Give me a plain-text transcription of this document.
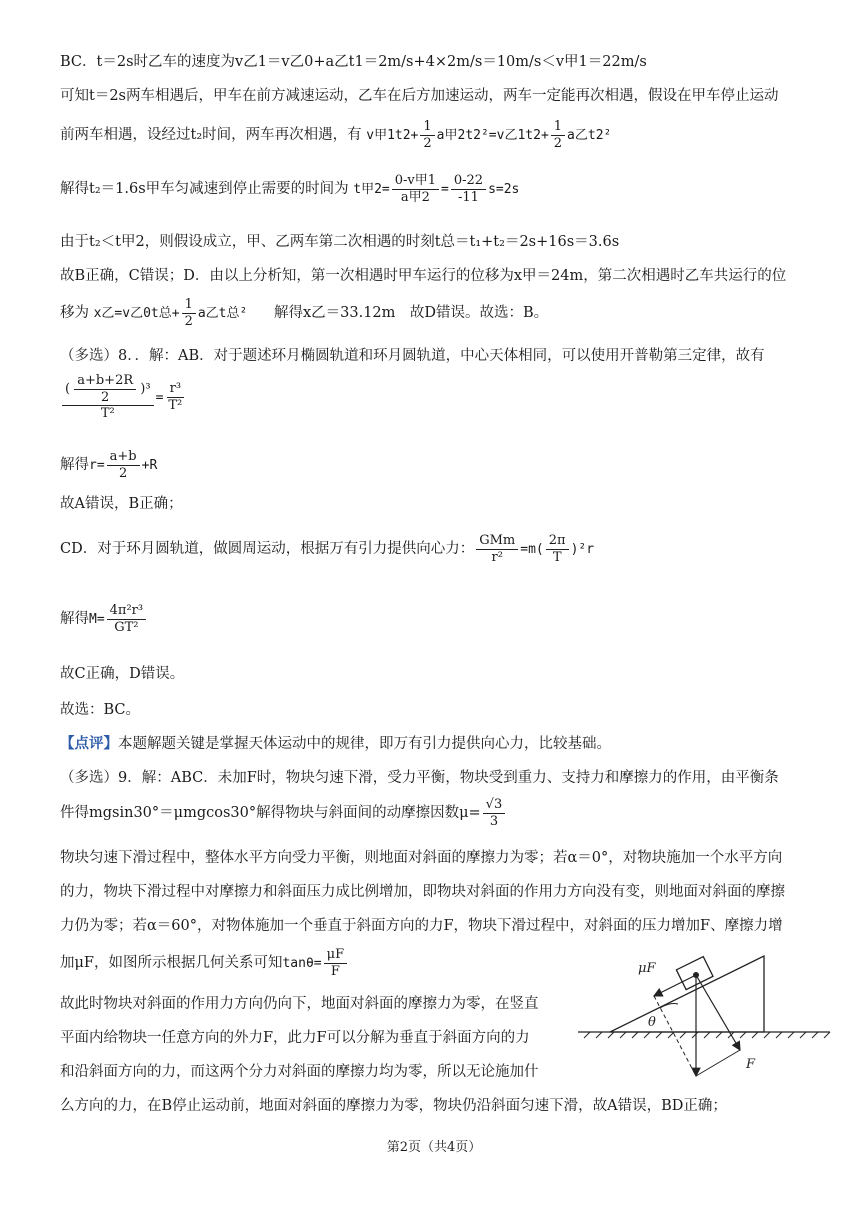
BC．t＝2s时乙车的速度为v乙1＝v乙0+a乙t1＝2m/s+4×2m/s＝10m/s＜v甲1＝22m/s
可知t＝2s两车相遇后，甲车在前方减速运动，乙车在后方加速运动，两车一定能再次相遇，假设在甲车停止运动
前两车相遇，设经过t₂时间，两车再次相遇，有 v甲$1t2+ \frac{1}{2}$ a甲2t2²=v乙$1t2+ \frac{1}{2}$ a乙t2²
解得t₂＝1.6s甲车匀减速到停止需要的时间为 t甲$2= \frac{\text{0-v甲1}}{\text{a甲2}} = \frac{0-22}{-11} s=2s$
由于t₂＜t甲2，则假设成立，甲、乙两车第二次相遇的时刻t总＝t₁+t₂＝2s+16s＝3.6s
故B正确，C错误；D．由以上分析知，第一次相遇时甲车运行的位移为x甲＝24m，第二次相遇时乙车共运行的位
移为 x乙=v乙0t总+ $\frac{1}{2}$ a乙t总² 解得x乙＝33.12m　故D错误。故选：B。
（多选）8．．解：AB．对于题述环月椭圆轨道和环月圆轨道，中心天体相同，可以使用开普勒第三定律，故有
$\frac{( \frac{a+b+2R}{2} )^3}{\text{T²}} = \frac{\text{r³}}{\text{T²}}$
解得$r= \frac{a+b}{2} +R$
故A错误，B正确；
CD．对于环月圆轨道，做圆周运动，根据万有引力提供向心力： $\frac{\text{GMm}}{\text{r²}} =m( \frac{2\pi}{T} )^2r$
解得$M= \frac{\text{4π²r³}}{\text{GT²}}$
故C正确，D错误。
故选：BC。
【点评】本题解题关键是掌握天体运动中的规律，即万有引力提供向心力，比较基础。
（多选）9．解：ABC．未加F时，物块匀速下滑，受力平衡，物块受到重力、支持力和摩擦力的作用，由平衡条
件得mgsin30°＝μmgcos30°解得物块与斜面间的动摩擦因数$\mu= \frac{√3}{3}$
物块匀速下滑过程中，整体水平方向受力平衡，则地面对斜面的摩擦力为零；若α＝0°，对物块施加一个水平方向
的力，物块下滑过程中对摩擦力和斜面压力成比例增加，即物块对斜面的作用力方向没有变，则地面对斜面的摩擦
力仍为零；若α＝60°，对物体施加一个垂直于斜面方向的力F，物块下滑过程中，对斜面的压力增加F、摩擦力增
加μF，如图所示根据几何关系可知$\tan\theta= \frac{\mu F}{F}$
故此时物块对斜面的作用力方向仍向下，地面对斜面的摩擦力为零，在竖直
平面内给物块一任意方向的外力F，此力F可以分解为垂直于斜面方向的力
和沿斜面方向的力，而这两个分力对斜面的摩擦力均为零，所以无论施加什
么方向的力，在B停止运动前，地面对斜面的摩擦力为零，物块仍沿斜面匀速下滑，故A错误，BD正确；
μF
θ
F
第2页（共4页）
